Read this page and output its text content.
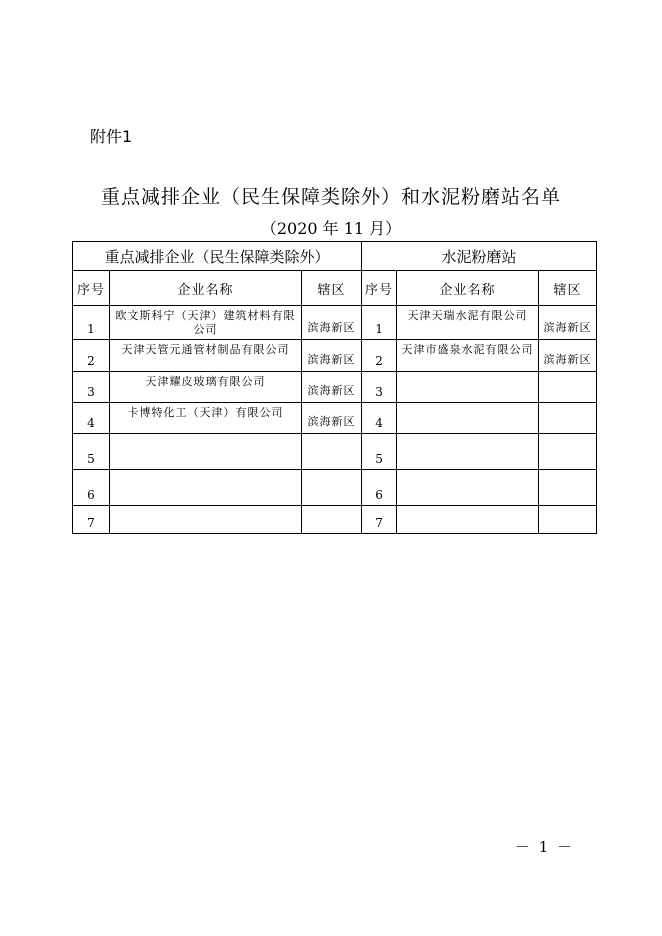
附件1
重点减排企业（民生保障类除外）和水泥粉磨站名单
（2020 年 11 月）
重点减排企业（民生保障类除外）			水泥粉磨站		
序号	企业名称	辖区	序号	企业名称	辖区
1	欧文斯科宁（天津）建筑材料有限公司	滨海新区	1	天津天瑞水泥有限公司	滨海新区
2	天津天管元通管材制品有限公司	滨海新区	2	天津市盛泉水泥有限公司	滨海新区
3	天津耀皮玻璃有限公司	滨海新区	3		
4	卡博特化工（天津）有限公司	滨海新区	4		
5			5		
6			6		
7			7		
－ 1 －
